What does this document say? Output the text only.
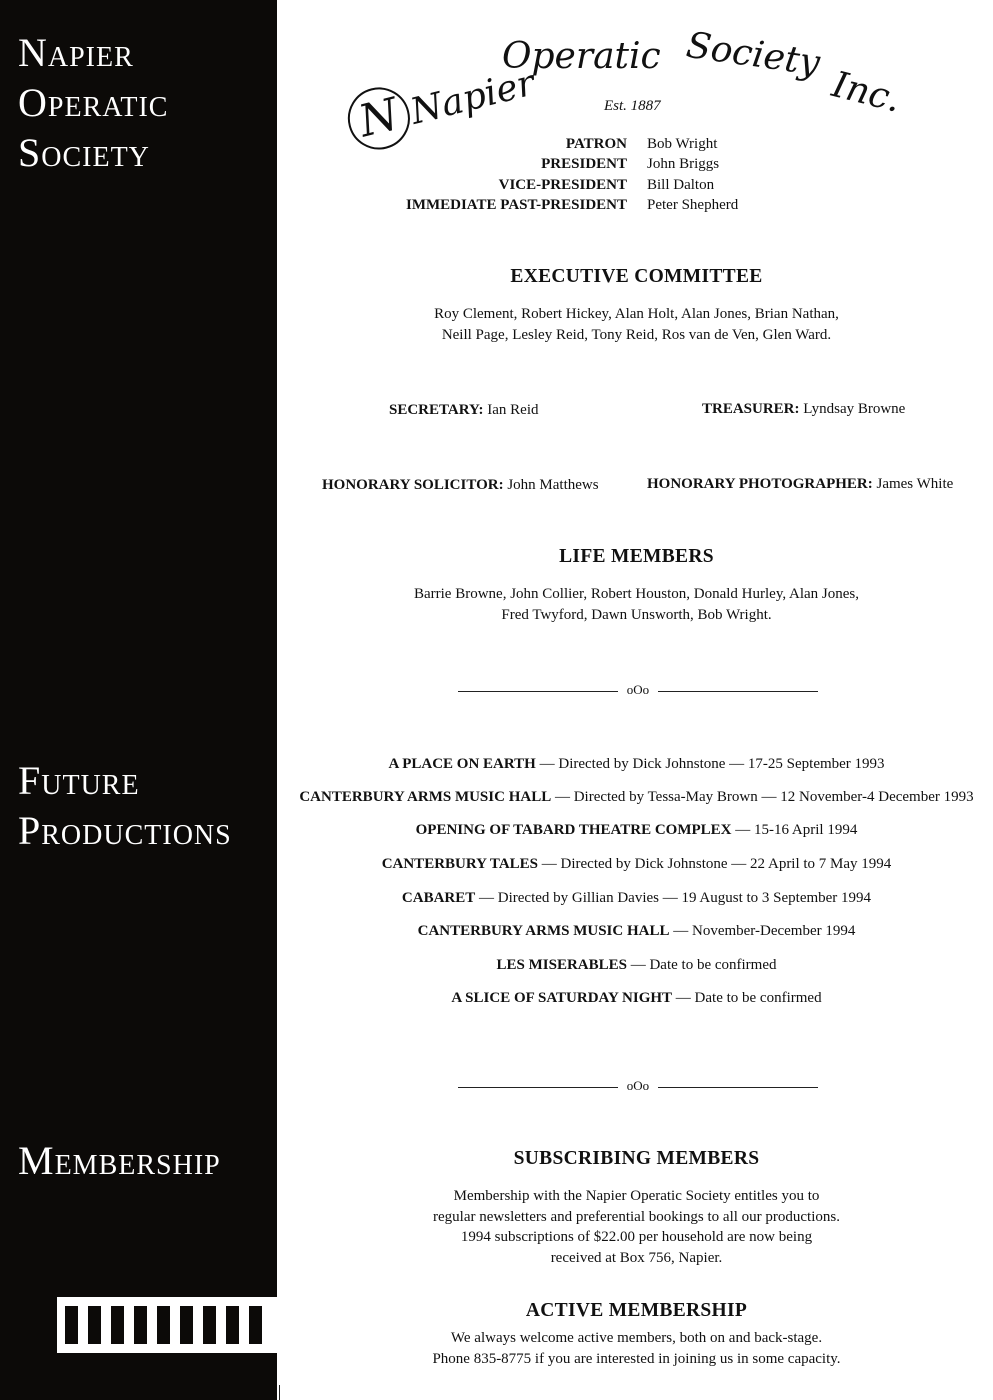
Napier
Operatic
Society
Future
Productions
Membership
NNapier
Operatic Society
Inc.
Est. 1887
PATRON	Bob Wright
PRESIDENT	John Briggs
VICE-PRESIDENT	Bill Dalton
IMMEDIATE PAST-PRESIDENT	Peter Shepherd
EXECUTIVE COMMITTEE
Roy Clement, Robert Hickey, Alan Holt, Alan Jones, Brian Nathan,
Neill Page, Lesley Reid, Tony Reid, Ros van de Ven, Glen Ward.
SECRETARY: Ian Reid	TREASURER: Lyndsay Browne
HONORARY SOLICITOR: John Matthews	HONORARY PHOTOGRAPHER: James White
LIFE MEMBERS
Barrie Browne, John Collier, Robert Houston, Donald Hurley, Alan Jones,
Fred Twyford, Dawn Unsworth, Bob Wright.
oOo
A PLACE ON EARTH — Directed by Dick Johnstone — 17-25 September 1993
CANTERBURY ARMS MUSIC HALL — Directed by Tessa-May Brown — 12 November-4 December 1993
OPENING OF TABARD THEATRE COMPLEX — 15-16 April 1994
CANTERBURY TALES — Directed by Dick Johnstone — 22 April to 7 May 1994
CABARET — Directed by Gillian Davies — 19 August to 3 September 1994
CANTERBURY ARMS MUSIC HALL — November-December 1994
LES MISERABLES — Date to be confirmed
A SLICE OF SATURDAY NIGHT — Date to be confirmed
oOo
SUBSCRIBING MEMBERS
Membership with the Napier Operatic Society entitles you to
regular newsletters and preferential bookings to all our productions.
1994 subscriptions of $22.00 per household are now being
received at Box 756, Napier.
ACTIVE MEMBERSHIP
We always welcome active members, both on and back-stage.
Phone 835-8775 if you are interested in joining us in some capacity.
